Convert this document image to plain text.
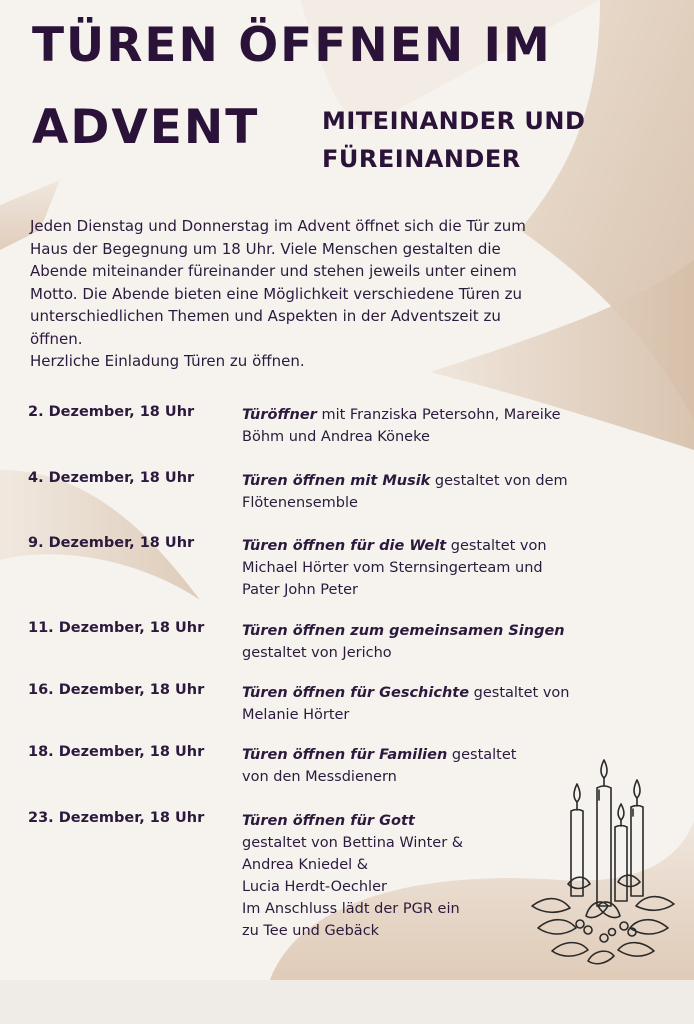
TÜREN ÖFFNEN IM
ADVENT	MITEINANDER UND
FÜREINANDER
Jeden Dienstag und Donnerstag im Advent öffnet sich die Tür zum
Haus der Begegnung um 18 Uhr. Viele Menschen gestalten die
Abende miteinander füreinander und stehen jeweils unter einem
Motto. Die Abende bieten eine Möglichkeit verschiedene Türen zu
unterschiedlichen Themen und Aspekten in der Adventszeit zu
öffnen.
Herzliche Einladung Türen zu öffnen.
2. Dezember, 18 Uhr	Türöffner mit Franziska Petersohn, Mareike
Böhm und Andrea Köneke
4. Dezember, 18 Uhr	Türen öffnen mit Musik gestaltet von dem
Flötenensemble
9. Dezember, 18 Uhr	Türen öffnen für die Welt gestaltet von
Michael Hörter vom Sternsingerteam und
Pater John Peter
11. Dezember, 18 Uhr	Türen öffnen zum gemeinsamen Singen
gestaltet von Jericho
16. Dezember, 18 Uhr	Türen öffnen für Geschichte gestaltet von
Melanie Hörter
18. Dezember, 18 Uhr	Türen öffnen für Familien gestaltet
von den Messdienern
23. Dezember, 18 Uhr	Türen öffnen für Gott
gestaltet von Bettina Winter &
Andrea Kniedel &
Lucia Herdt-Oechler
Im Anschluss lädt der PGR ein
zu Tee und Gebäck
